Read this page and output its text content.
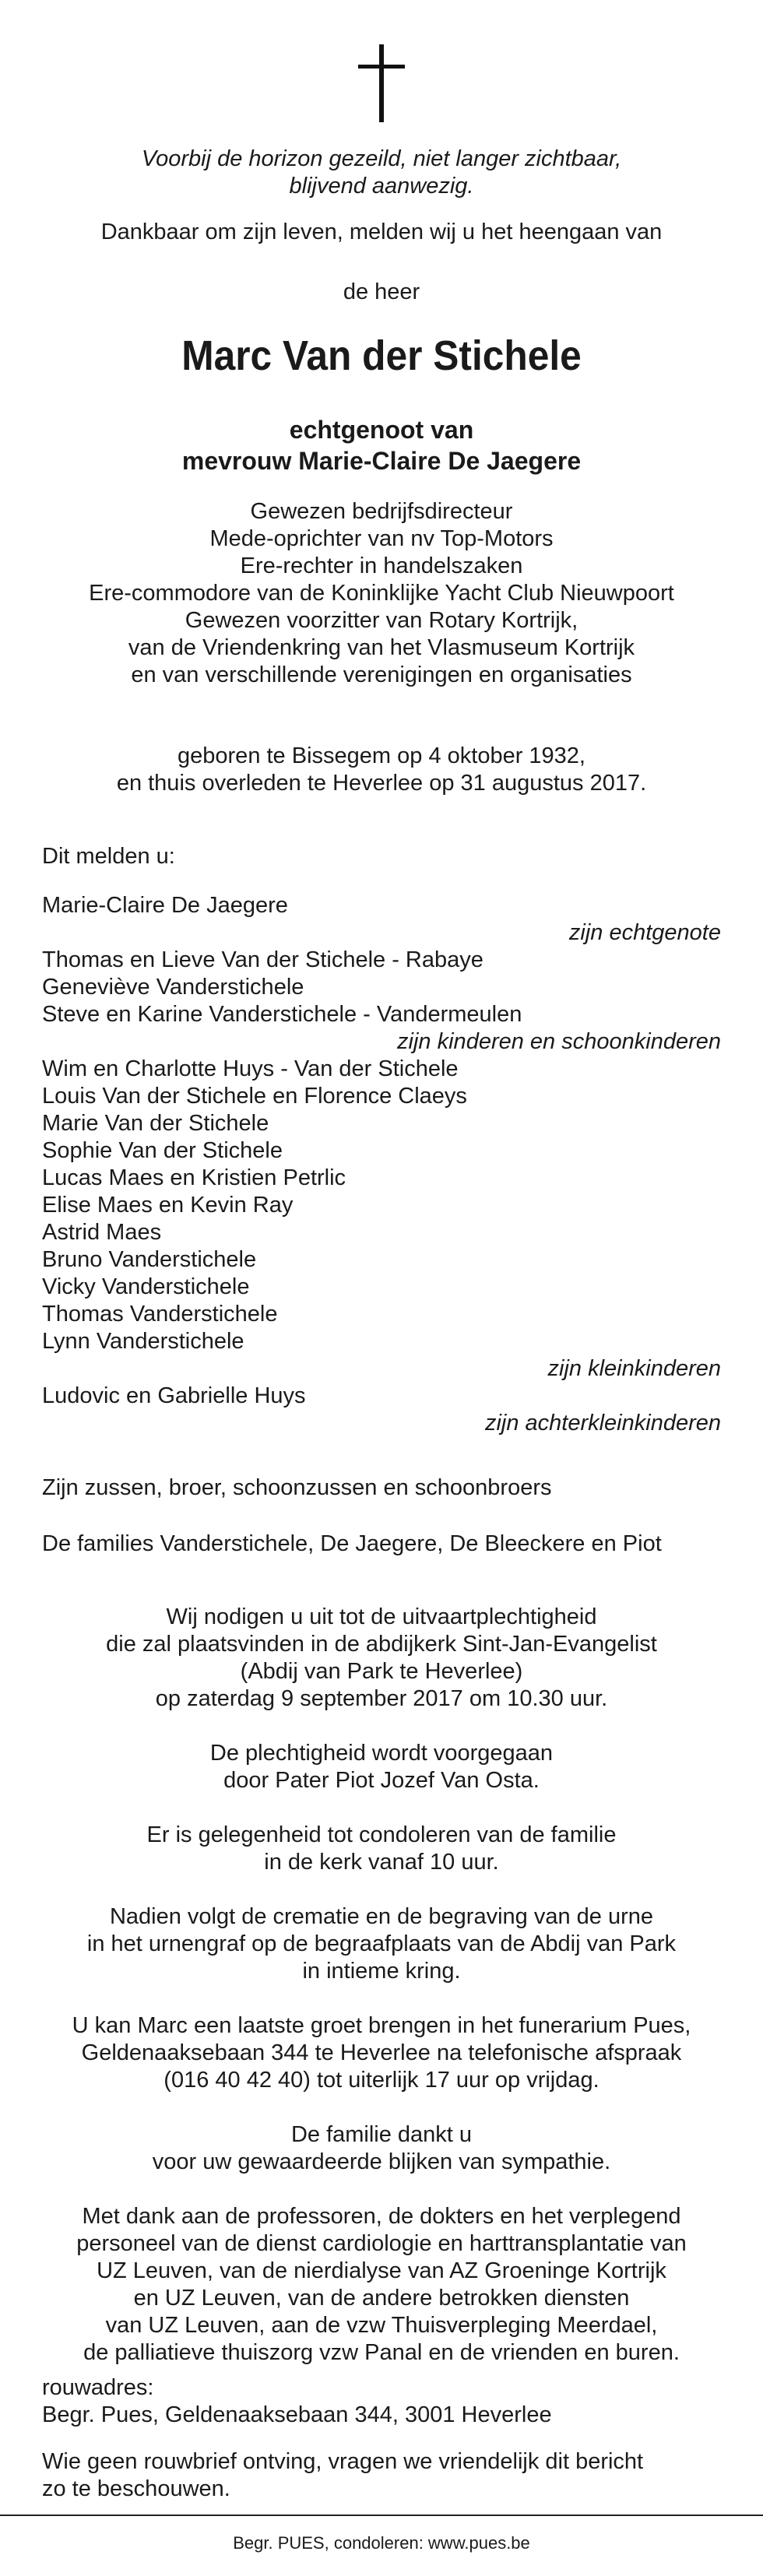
Voorbij de horizon gezeild, niet langer zichtbaar,

blijvend aanwezig.

Dankbaar om zijn leven, melden wij u het heengaan van

de heer

Marc Van der Stichele

echtgenoot van

mevrouw Marie-Claire De Jaegere

Gewezen bedrijfsdirecteur

Mede-oprichter van nv Top-Motors

Ere-rechter in handelszaken

Ere-commodore van de Koninklijke Yacht Club Nieuwpoort

Gewezen voorzitter van Rotary Kortrijk,

van de Vriendenkring van het Vlasmuseum Kortrijk

en van verschillende verenigingen en organisaties

geboren te Bissegem op 4 oktober 1932,

en thuis overleden te Heverlee op 31 augustus 2017.

Dit melden u:

Marie-Claire De Jaegere
zijn echtgenote
Thomas en Lieve Van der Stichele - Rabaye
Geneviève Vanderstichele
Steve en Karine Vanderstichele - Vandermeulen
zijn kinderen en schoonkinderen
Wim en Charlotte Huys - Van der Stichele
Louis Van der Stichele en Florence Claeys
Marie Van der Stichele
Sophie Van der Stichele
Lucas Maes en Kristien Petrlic
Elise Maes en Kevin Ray
Astrid Maes
Bruno Vanderstichele
Vicky Vanderstichele
Thomas Vanderstichele
Lynn Vanderstichele
zijn kleinkinderen
Ludovic en Gabrielle Huys
zijn achterkleinkinderen

Zijn zussen, broer, schoonzussen en schoonbroers

De families Vanderstichele, De Jaegere, De Bleeckere en Piot

Wij nodigen u uit tot de uitvaartplechtigheid

die zal plaatsvinden in de abdijkerk Sint-Jan-Evangelist

(Abdij van Park te Heverlee)

op zaterdag 9 september 2017 om 10.30 uur.

De plechtigheid wordt voorgegaan

door Pater Piot Jozef Van Osta.

Er is gelegenheid tot condoleren van de familie

in de kerk vanaf 10 uur.

Nadien volgt de crematie en de begraving van de urne

in het urnengraf op de begraafplaats van de Abdij van Park

in intieme kring.

U kan Marc een laatste groet brengen in het funerarium Pues,

Geldenaaksebaan 344 te Heverlee na telefonische afspraak

(016 40 42 40) tot uiterlijk 17 uur op vrijdag.

De familie dankt u

voor uw gewaardeerde blijken van sympathie.

Met dank aan de professoren, de dokters en het verplegend

personeel van de dienst cardiologie en harttransplantatie van

UZ Leuven, van de nierdialyse van AZ Groeninge Kortrijk

en UZ Leuven, van de andere betrokken diensten

van UZ Leuven, aan de vzw Thuisverpleging Meerdael,

de palliatieve thuiszorg vzw Panal en de vrienden en buren.

rouwadres:

Begr. Pues, Geldenaaksebaan 344, 3001 Heverlee

Wie geen rouwbrief ontving, vragen we vriendelijk dit bericht

zo te beschouwen.

Begr. PUES, condoleren: www.pues.be
